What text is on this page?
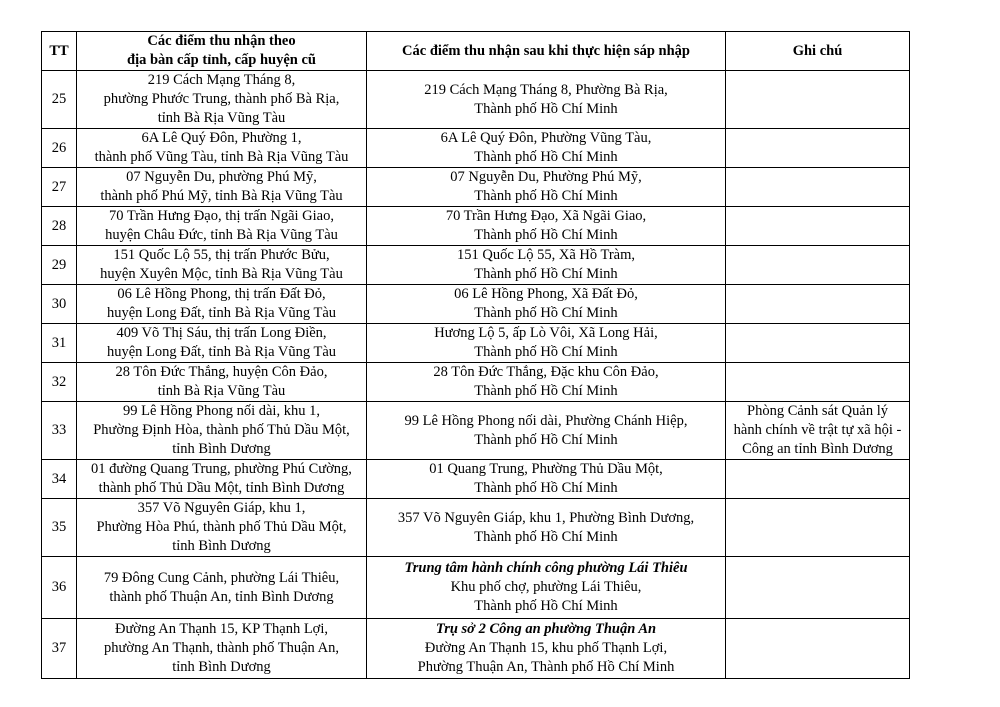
TT	Các điểm thu nhận theo
địa bàn cấp tỉnh, cấp huyện cũ	Các điểm thu nhận sau khi thực hiện sáp nhập	Ghi chú
25	219 Cách Mạng Tháng 8,
phường Phước Trung, thành phố Bà Rịa,
tỉnh Bà Rịa Vũng Tàu	219 Cách Mạng Tháng 8, Phường Bà Rịa,
Thành phố Hồ Chí Minh	

26	6A Lê Quý Đôn, Phường 1,
thành phố Vũng Tàu, tỉnh Bà Rịa Vũng Tàu	6A Lê Quý Đôn, Phường Vũng Tàu,
Thành phố Hồ Chí Minh	

27	07 Nguyễn Du, phường Phú Mỹ,
thành phố Phú Mỹ, tỉnh Bà Rịa Vũng Tàu	07 Nguyễn Du, Phường Phú Mỹ,
Thành phố Hồ Chí Minh	

28	70 Trần Hưng Đạo, thị trấn Ngãi Giao,
huyện Châu Đức, tỉnh Bà Rịa Vũng Tàu	70 Trần Hưng Đạo, Xã Ngãi Giao,
Thành phố Hồ Chí Minh	

29	151 Quốc Lộ 55, thị trấn Phước Bửu,
huyện Xuyên Mộc, tỉnh Bà Rịa Vũng Tàu	151 Quốc Lộ 55, Xã Hồ Tràm,
Thành phố Hồ Chí Minh	

30	06 Lê Hồng Phong, thị trấn Đất Đỏ,
huyện Long Đất, tỉnh Bà Rịa Vũng Tàu	06 Lê Hồng Phong, Xã Đất Đỏ,
Thành phố Hồ Chí Minh	

31	409 Võ Thị Sáu, thị trấn Long Điền,
huyện Long Đất, tỉnh Bà Rịa Vũng Tàu	Hương Lộ 5, ấp Lò Vôi, Xã Long Hải,
Thành phố Hồ Chí Minh	

32	28 Tôn Đức Thắng, huyện Côn Đảo,
tỉnh Bà Rịa Vũng Tàu	28 Tôn Đức Thắng, Đặc khu Côn Đảo,
Thành phố Hồ Chí Minh	

33	99 Lê Hồng Phong nối dài, khu 1,
Phường Định Hòa, thành phố Thủ Dầu Một,
tỉnh Bình Dương	99 Lê Hồng Phong nối dài, Phường Chánh Hiệp,
Thành phố Hồ Chí Minh	Phòng Cảnh sát Quản lý
hành chính về trật tự xã hội -
Công an tỉnh Bình Dương

34	01 đường Quang Trung, phường Phú Cường,
thành phố Thủ Dầu Một, tỉnh Bình Dương	01 Quang Trung, Phường Thủ Dầu Một,
Thành phố Hồ Chí Minh	

35	357 Võ Nguyên Giáp, khu 1,
Phường Hòa Phú, thành phố Thủ Dầu Một,
tỉnh Bình Dương	357 Võ Nguyên Giáp, khu 1, Phường Bình Dương,
Thành phố Hồ Chí Minh	

36	79 Đông Cung Cảnh, phường Lái Thiêu,
thành phố Thuận An, tỉnh Bình Dương	Trung tâm hành chính công phường Lái Thiêu
Khu phố chợ, phường Lái Thiêu,
Thành phố Hồ Chí Minh	

37	Đường An Thạnh 15, KP Thạnh Lợi,
phường An Thạnh, thành phố Thuận An,
tỉnh Bình Dương	Trụ sở 2 Công an phường Thuận An
Đường An Thạnh 15, khu phố Thạnh Lợi,
Phường Thuận An, Thành phố Hồ Chí Minh	
